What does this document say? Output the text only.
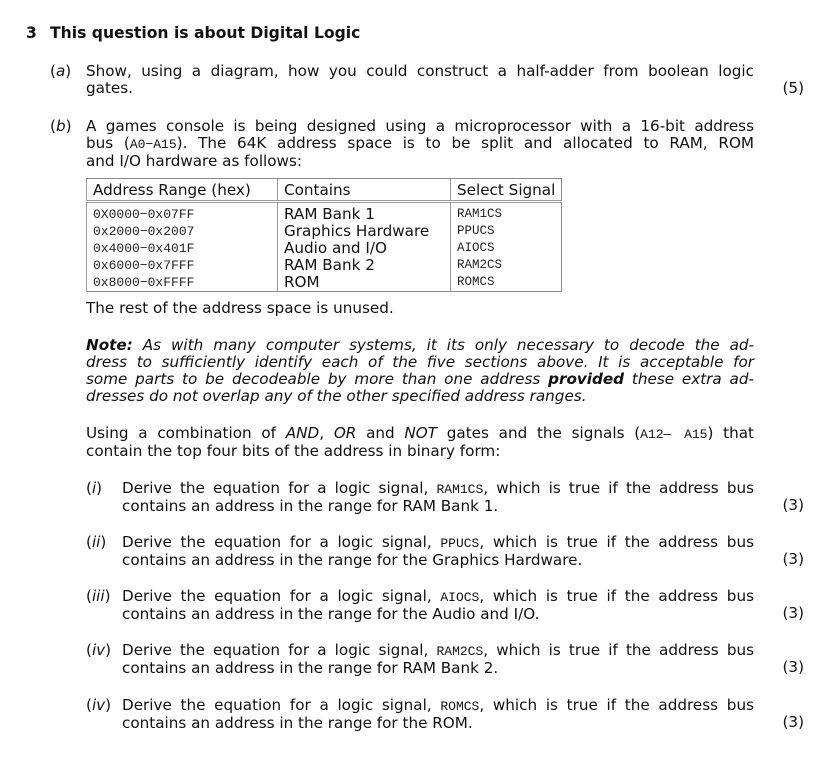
3 This question is about Digital Logic
(a) Show, using a diagram, how you could construct a half-adder from boolean logic
gates.	(5)
(b) A games console is being designed using a microprocessor with a 16-bit address
bus (A0−A15). The 64K address space is to be split and allocated to RAM, ROM
and I/O hardware as follows:
Address Range (hex)	Contains	Select Signal
0X0000−0x07FF	RAM Bank 1	RAM1CS
0x2000−0x2007	Graphics Hardware	PPUCS
0x4000−0x401F	Audio and I/O	AIOCS
0x6000−0x7FFF	RAM Bank 2	RAM2CS
0x8000−0xFFFF	ROM	ROMCS
The rest of the address space is unused.
Note: As with many computer systems, it its only necessary to decode the ad-
dress to sufficiently identify each of the five sections above. It is acceptable for
some parts to be decodeable by more than one address provided these extra ad-
dresses do not overlap any of the other specified address ranges.
Using a combination of AND, OR and NOT gates and the signals (A12— A15) that
contain the top four bits of the address in binary form:
(i) Derive the equation for a logic signal, RAM1CS, which is true if the address bus
contains an address in the range for RAM Bank 1.	(3)
(ii) Derive the equation for a logic signal, PPUCS, which is true if the address bus
contains an address in the range for the Graphics Hardware.	(3)
(iii) Derive the equation for a logic signal, AIOCS, which is true if the address bus
contains an address in the range for the Audio and I/O.	(3)
(iv) Derive the equation for a logic signal, RAM2CS, which is true if the address bus
contains an address in the range for RAM Bank 2.	(3)
(iv) Derive the equation for a logic signal, ROMCS, which is true if the address bus
contains an address in the range for the ROM.	(3)
